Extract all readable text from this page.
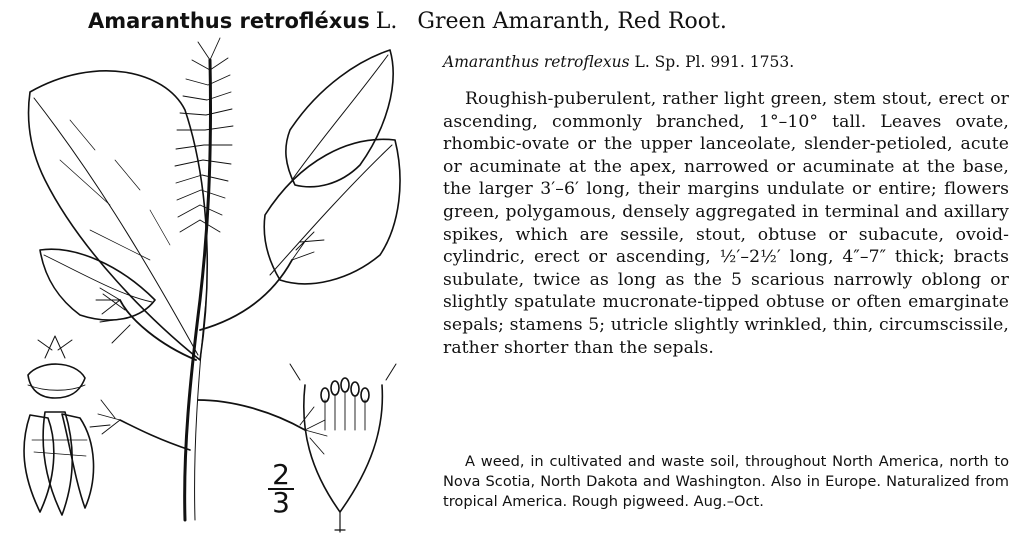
Amaranthus retrofléxus L. Green Amaranth, Red Root.
Amaranthus retroflexus L. Sp. Pl. 991. 1753.

Roughish-puberulent, rather light green, stem stout, erect or ascending, commonly branched, 1°–10° tall. Leaves ovate, rhombic-ovate or the upper lanceolate, slender-petioled, acute or acuminate at the apex, narrowed or acuminate at the base, the larger 3′–6′ long, their margins undulate or entire; flowers green, polygamous, densely aggregated in terminal and axillary spikes, which are sessile, stout, obtuse or subacute, ovoid-cylindric, erect or ascending, ½′–2½′ long, 4″–7″ thick; bracts subulate, twice as long as the 5 scarious narrowly oblong or slightly spatulate mucronate-tipped obtuse or often emarginate sepals; stamens 5; utricle slightly wrinkled, thin, circumscissile, rather shorter than the sepals.

A weed, in cultivated and waste soil, throughout North America, north to Nova Scotia, North Dakota and Washington. Also in Europe. Naturalized from tropical America. Rough pigweed. Aug.–Oct.

2
3
